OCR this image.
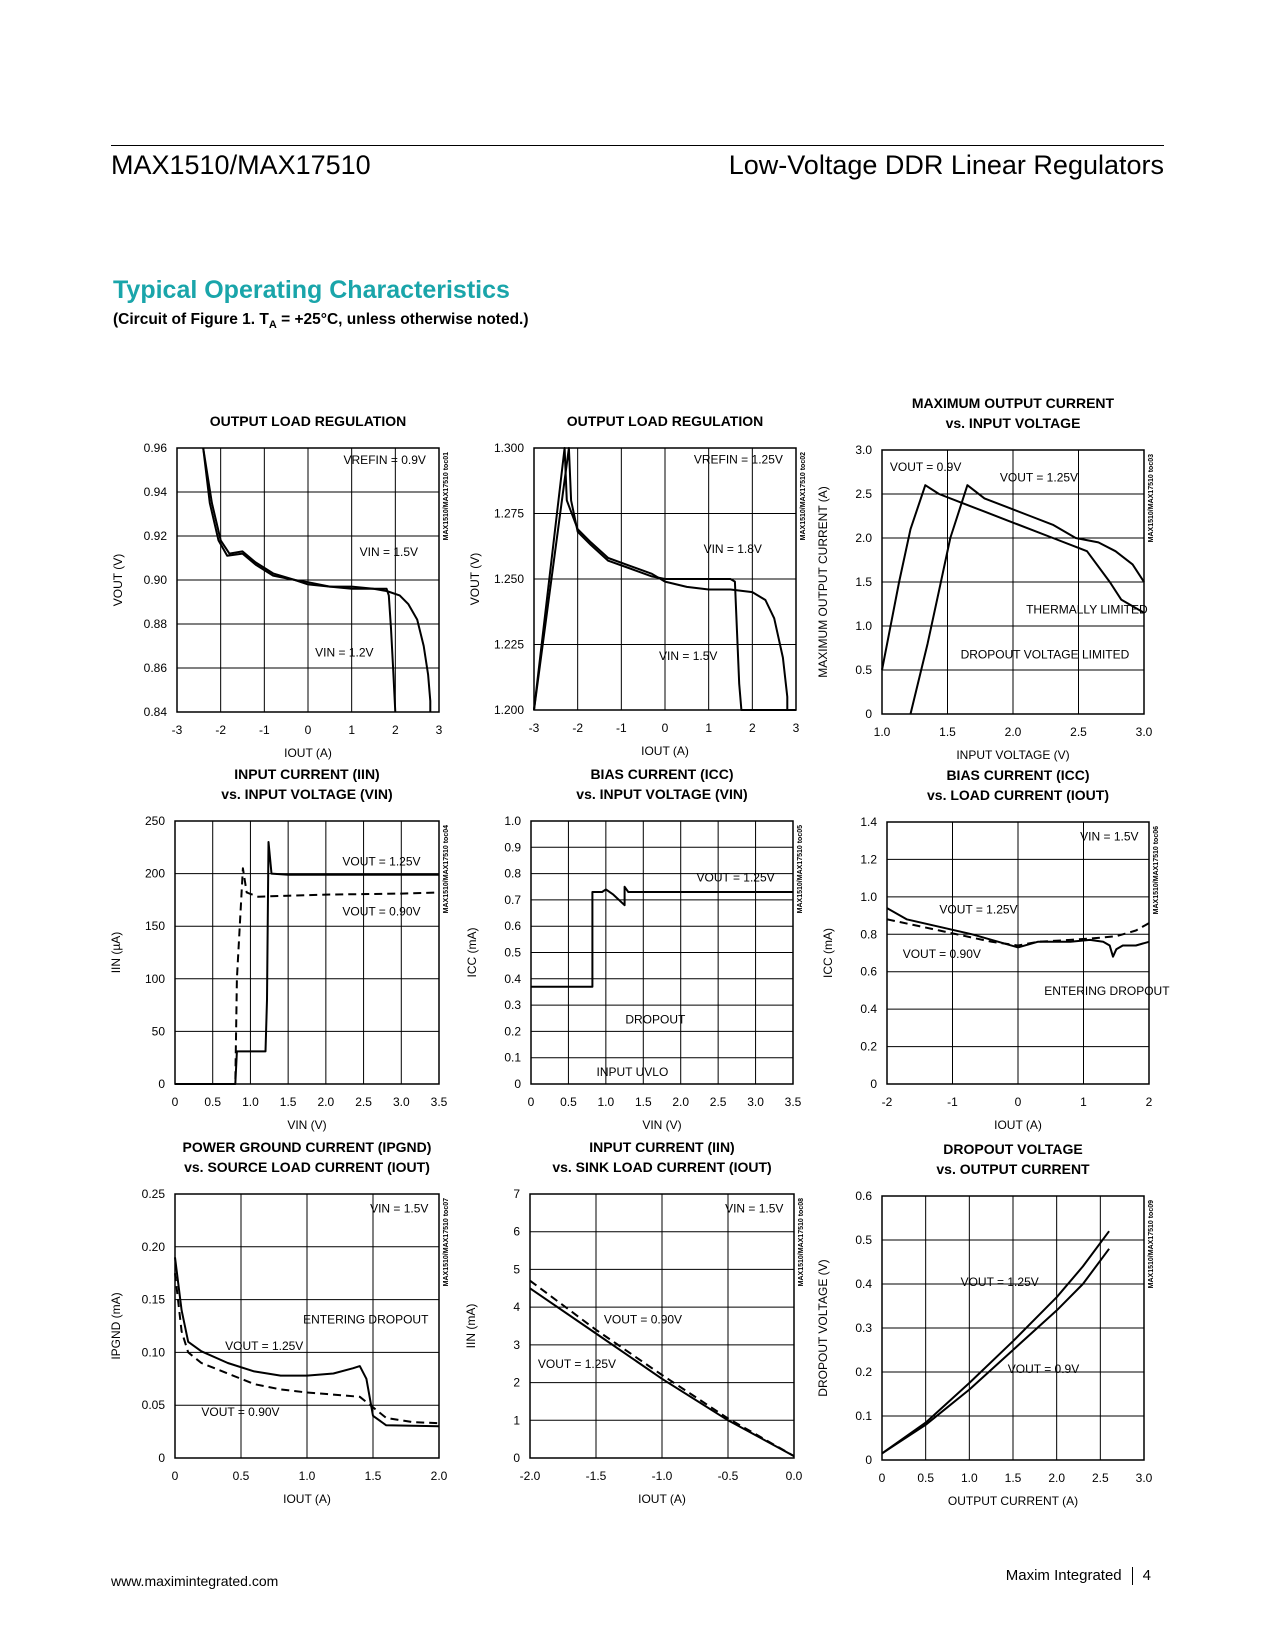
MAX1510/MAX17510	Low-Voltage DDR Linear Regulators
Typical Operating Characteristics
(Circuit of Figure 1. $T_A = +25^\circ C$, unless otherwise noted.)
OUTPUT LOAD REGULATION
-3	-2	-1	0	1	2	3
0.84
0.86
0.88
0.90
0.92
0.94
0.96
IOUT (A)
VOUT (V)
MAX1510/MAX17510 toc01
VREFIN = 0.9V
VIN = 1.5V
VIN = 1.2V
OUTPUT LOAD REGULATION
-3	-2	-1	0	1	2	3
1.200
1.225
1.250
1.275
1.300
IOUT (A)
VOUT (V)
MAX1510/MAX17510 toc02
VREFIN = 1.25V
VIN = 1.8V
VIN = 1.5V
MAXIMUM OUTPUT CURRENT
vs. INPUT VOLTAGE
1.0	1.5	2.0	2.5	3.0
0
0.5
1.0
1.5
2.0
2.5
3.0
INPUT VOLTAGE (V)
MAXIMUM OUTPUT CURRENT (A)	MAX1510/MAX17510 toc03
VOUT = 0.9V
VOUT = 1.25V
THERMALLY LIMITED
DROPOUT VOLTAGE LIMITED
INPUT CURRENT (IIN)
vs. INPUT VOLTAGE (VIN)
0 0.5 1.0 1.5 2.0 2.5 3.0 3.5
0
50
100
150
200
250
VIN (V)
IIN (µA)
MAX1510/MAX17510 toc04
VOUT = 1.25V
VOUT = 0.90V
BIAS CURRENT (ICC)
vs. INPUT VOLTAGE (VIN)
0 0.5 1.0 1.5 2.0 2.5 3.0 3.5
0
0.1
0.2
0.3
0.4
0.5
0.6
0.7
0.8
0.9
1.0
VIN (V)
ICC (mA)
MAX1510/MAX17510 toc05
VOUT = 1.25V
DROPOUT
INPUT UVLO
BIAS CURRENT (ICC)
vs. LOAD CURRENT (IOUT)
-2	-1	0	1	2
0
0.2
0.4
0.6
0.8
1.0
1.2
1.4
IOUT (A)
ICC (mA)
MAX1510/MAX17510 toc06
VIN = 1.5V
VOUT = 1.25V
VOUT = 0.90V
ENTERING DROPOUT
POWER GROUND CURRENT (IPGND)
vs. SOURCE LOAD CURRENT (IOUT)
0	0.5	1.0	1.5	2.0
0
0.05
0.10
0.15
0.20
0.25
IOUT (A)
IPGND (mA)
MAX1510/MAX17510 toc07
VIN = 1.5V
ENTERING DROPOUT
VOUT = 1.25V
VOUT = 0.90V
INPUT CURRENT (IIN)
vs. SINK LOAD CURRENT (IOUT)
-2.0	-1.5	-1.0	-0.5	0.0
0
1
2
3
4
5
6
7
IOUT (A)
IIN (mA)
MAX1510/MAX17510 toc08
VIN = 1.5V
VOUT = 0.90V
VOUT = 1.25V
DROPOUT VOLTAGE
vs. OUTPUT CURRENT
0	0.5 1.0 1.5 2.0 2.5 3.0
0
0.1
0.2
0.3
0.4
0.5
0.6
OUTPUT CURRENT (A)
DROPOUT VOLTAGE (V)
MAX1510/MAX17510 toc09
VOUT = 1.25V
VOUT = 0.9V
www.maximintegrated.com	Maxim Integrated 4
